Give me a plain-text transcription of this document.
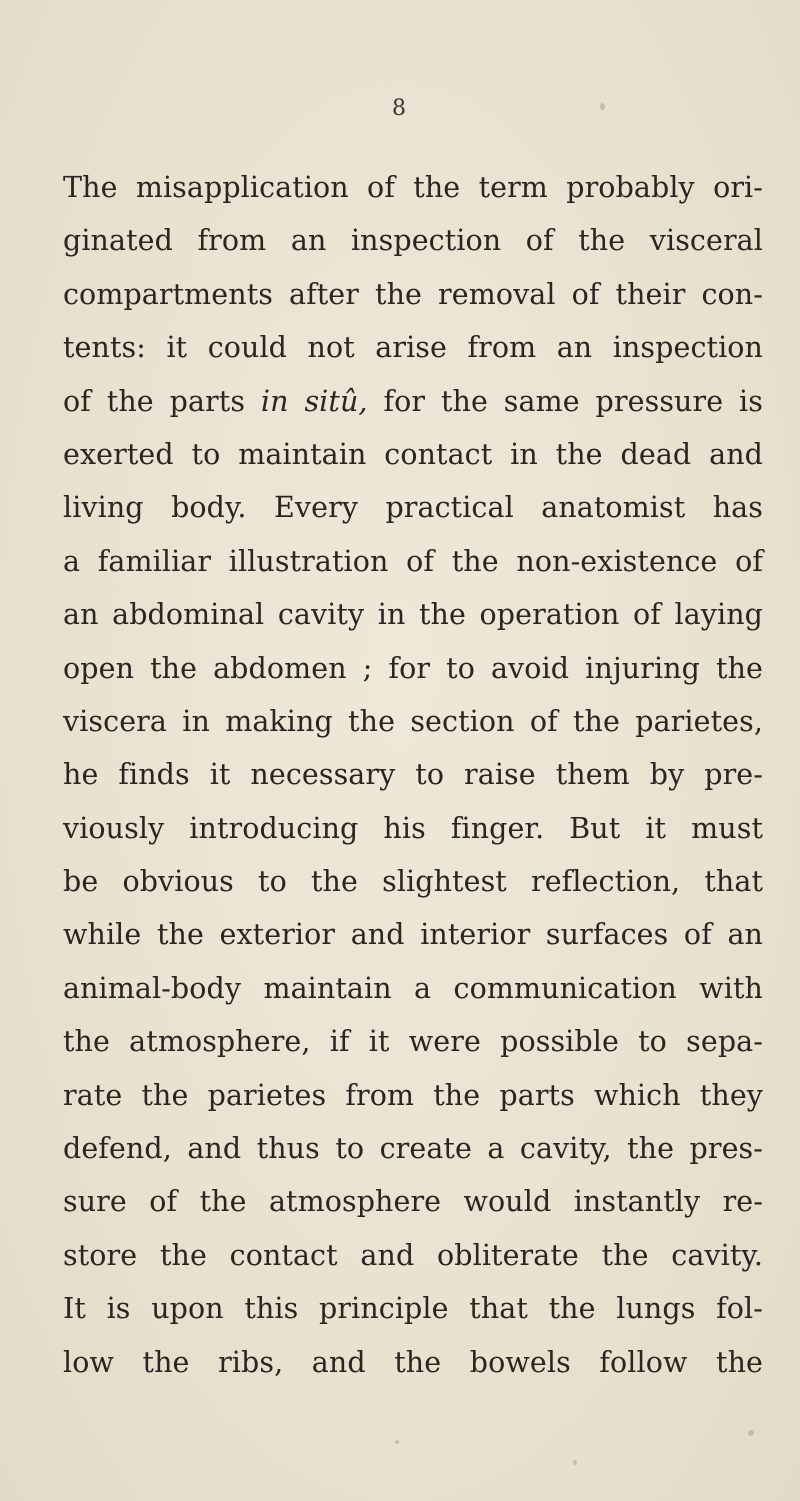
8
The misapplication of the term probably ori-
ginated from an inspection of the visceral
compartments after the removal of their con-
tents: it could not arise from an inspection
of the parts in sitû, for the same pressure is
exerted to maintain contact in the dead and
living body. Every practical anatomist has
a familiar illustration of the non-existence of
an abdominal cavity in the operation of laying
open the abdomen ; for to avoid injuring the
viscera in making the section of the parietes,
he finds it necessary to raise them by pre-
viously introducing his finger. But it must
be obvious to the slightest reflection, that
while the exterior and interior surfaces of an
animal-body maintain a communication with
the atmosphere, if it were possible to sepa-
rate the parietes from the parts which they
defend, and thus to create a cavity, the pres-
sure of the atmosphere would instantly re-
store the contact and obliterate the cavity.
It is upon this principle that the lungs fol-
low the ribs, and the bowels follow the
